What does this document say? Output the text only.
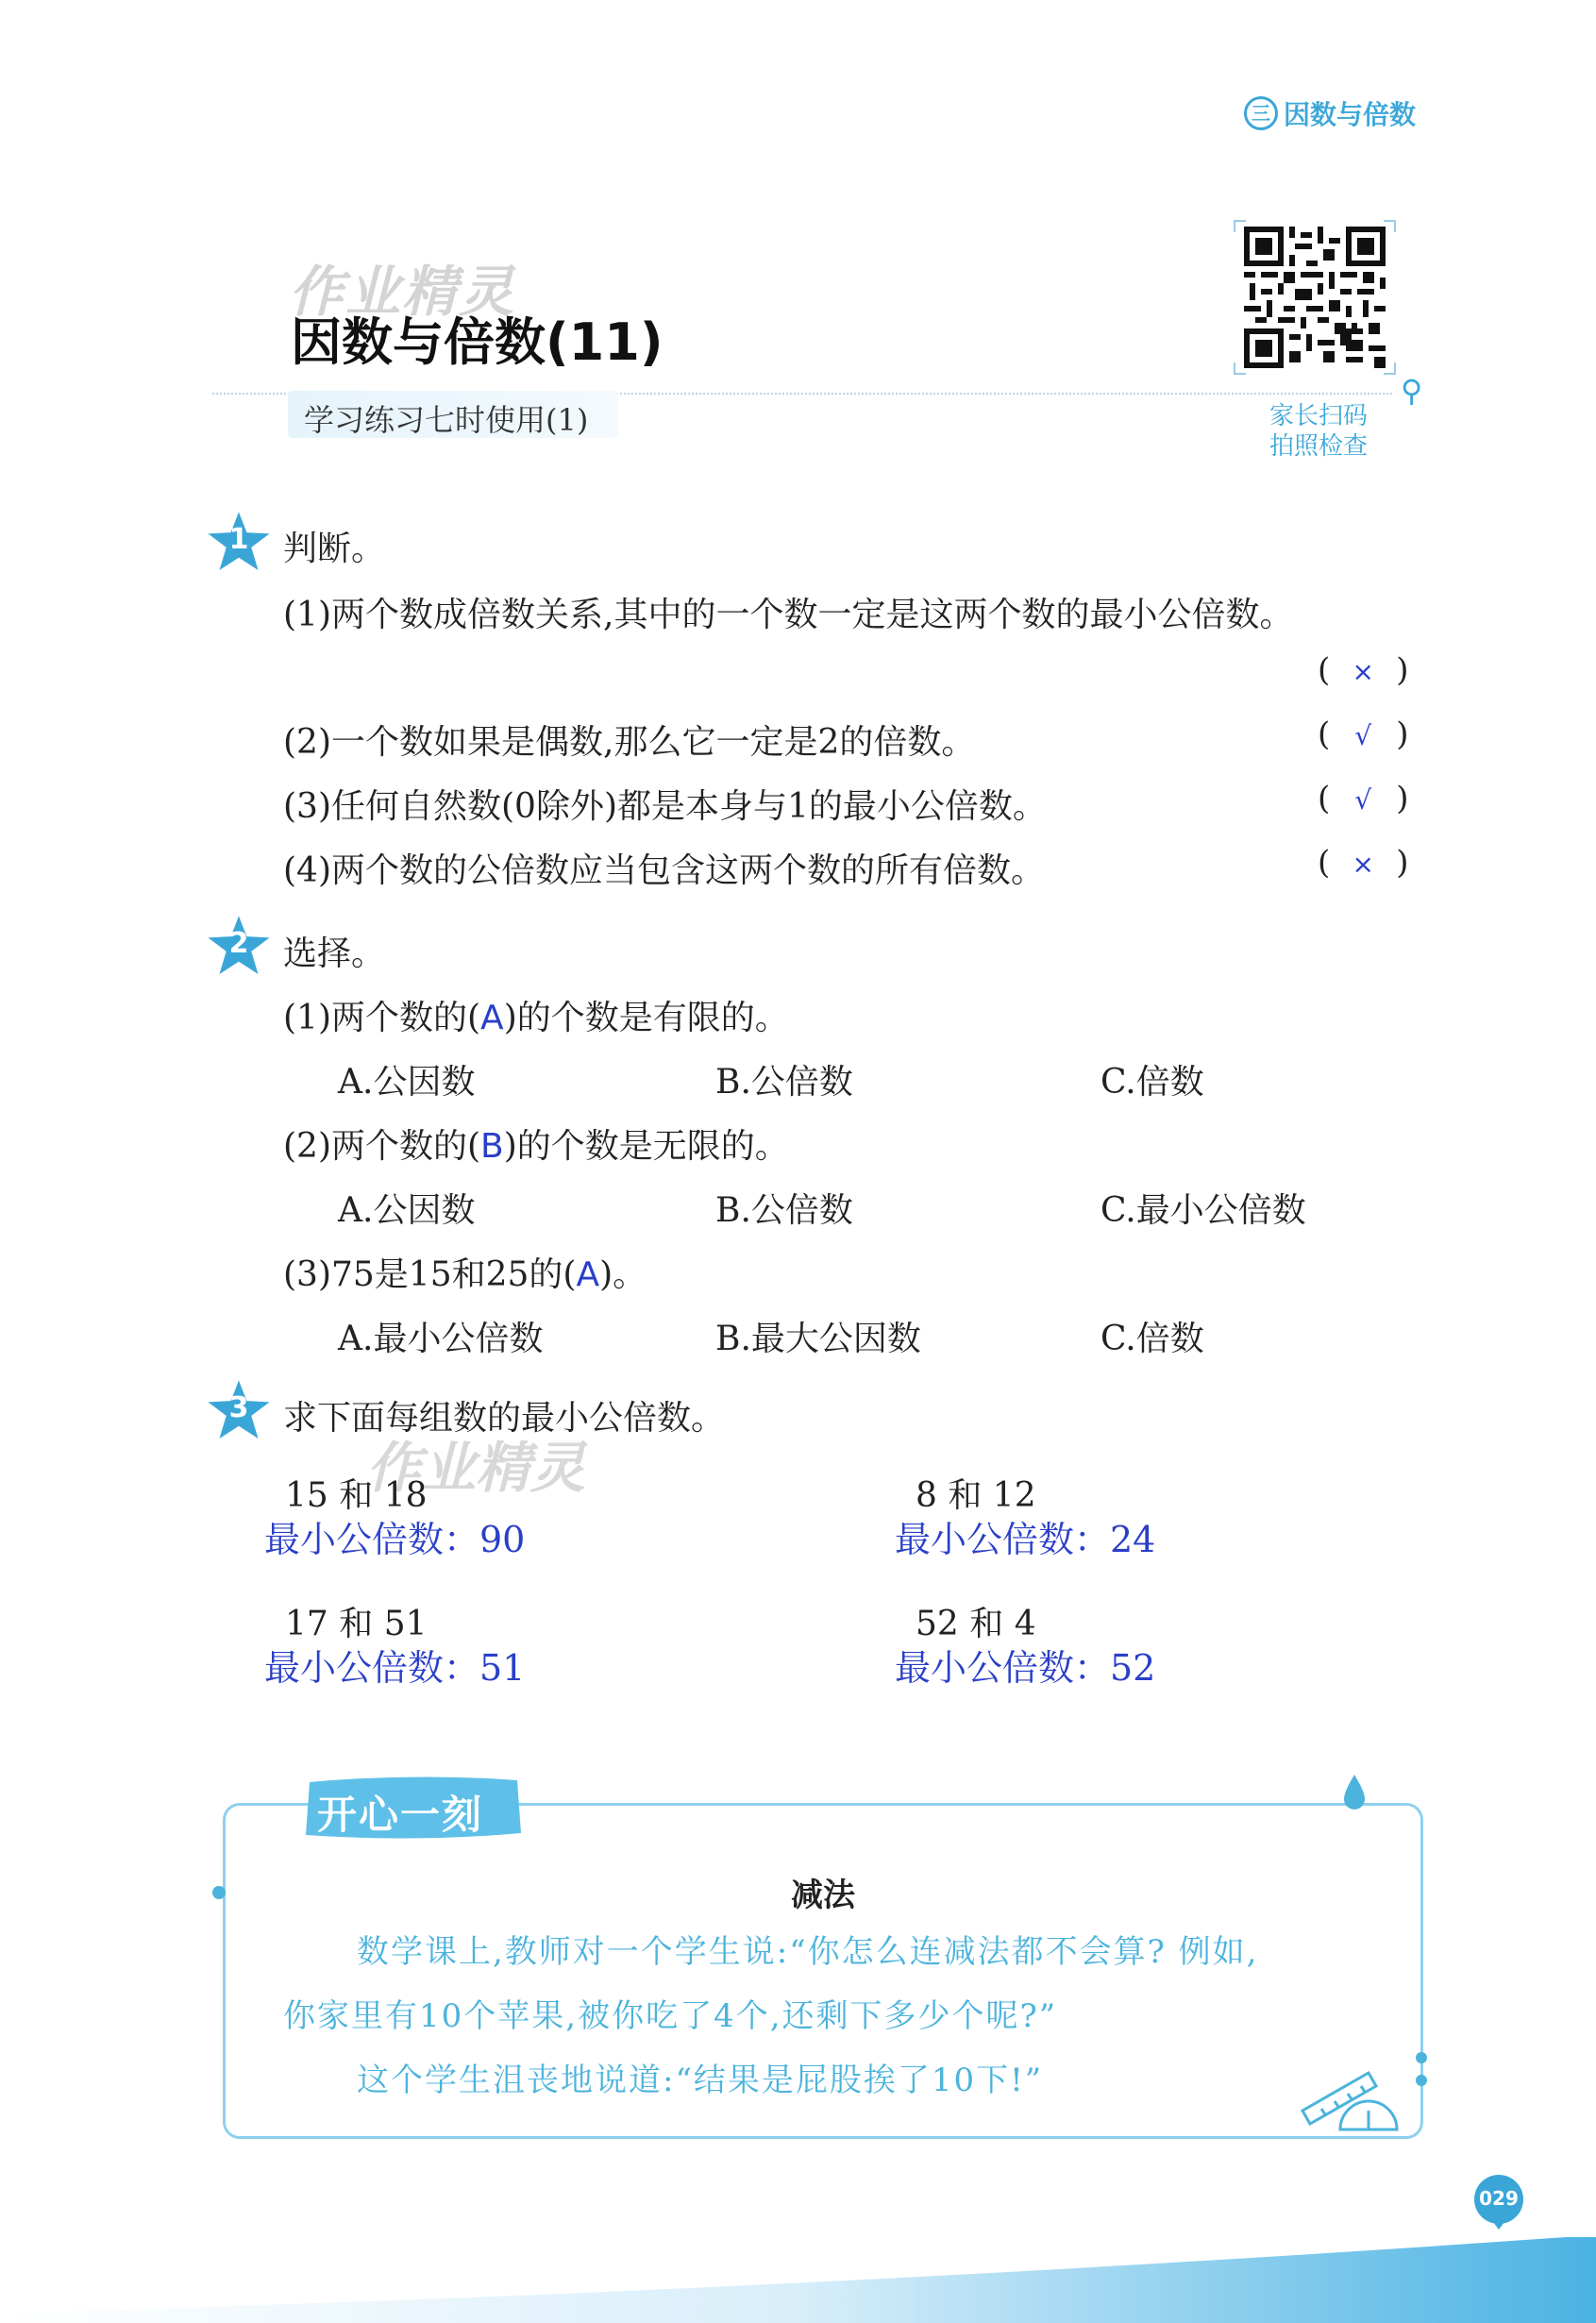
三 因数与倍数
作业精灵
因数与倍数(11)
学习练习七时使用(1)
⚲
家长扫码
拍照检查
1	判断。
(1)两个数成倍数关系,其中的一个数一定是这两个数的最小公倍数。
( × )
(2)一个数如果是偶数,那么它一定是2的倍数。	( √ )
(3)任何自然数(0除外)都是本身与1的最小公倍数。	( √ )
(4)两个数的公倍数应当包含这两个数的所有倍数。	( × )
2	选择。
(1)两个数的(A)的个数是有限的。
A.公因数	B.公倍数	C.倍数
(2)两个数的(B)的个数是无限的。
A.公因数	B.公倍数	C.最小公倍数
(3)75是15和25的(A)。
A.最小公倍数	B.最大公因数	C.倍数
3	求下面每组数的最小公倍数。
作业精灵
15 和 18
最小公倍数：90
8 和 12
最小公倍数：24
17 和 51
最小公倍数：51
52 和 4
最小公倍数：52
开心一刻
减法
数学课上,教师对一个学生说:“你怎么连减法都不会算? 例如,
你家里有10个苹果,被你吃了4个,还剩下多少个呢?”
这个学生沮丧地说道:“结果是屁股挨了10下!”
029
